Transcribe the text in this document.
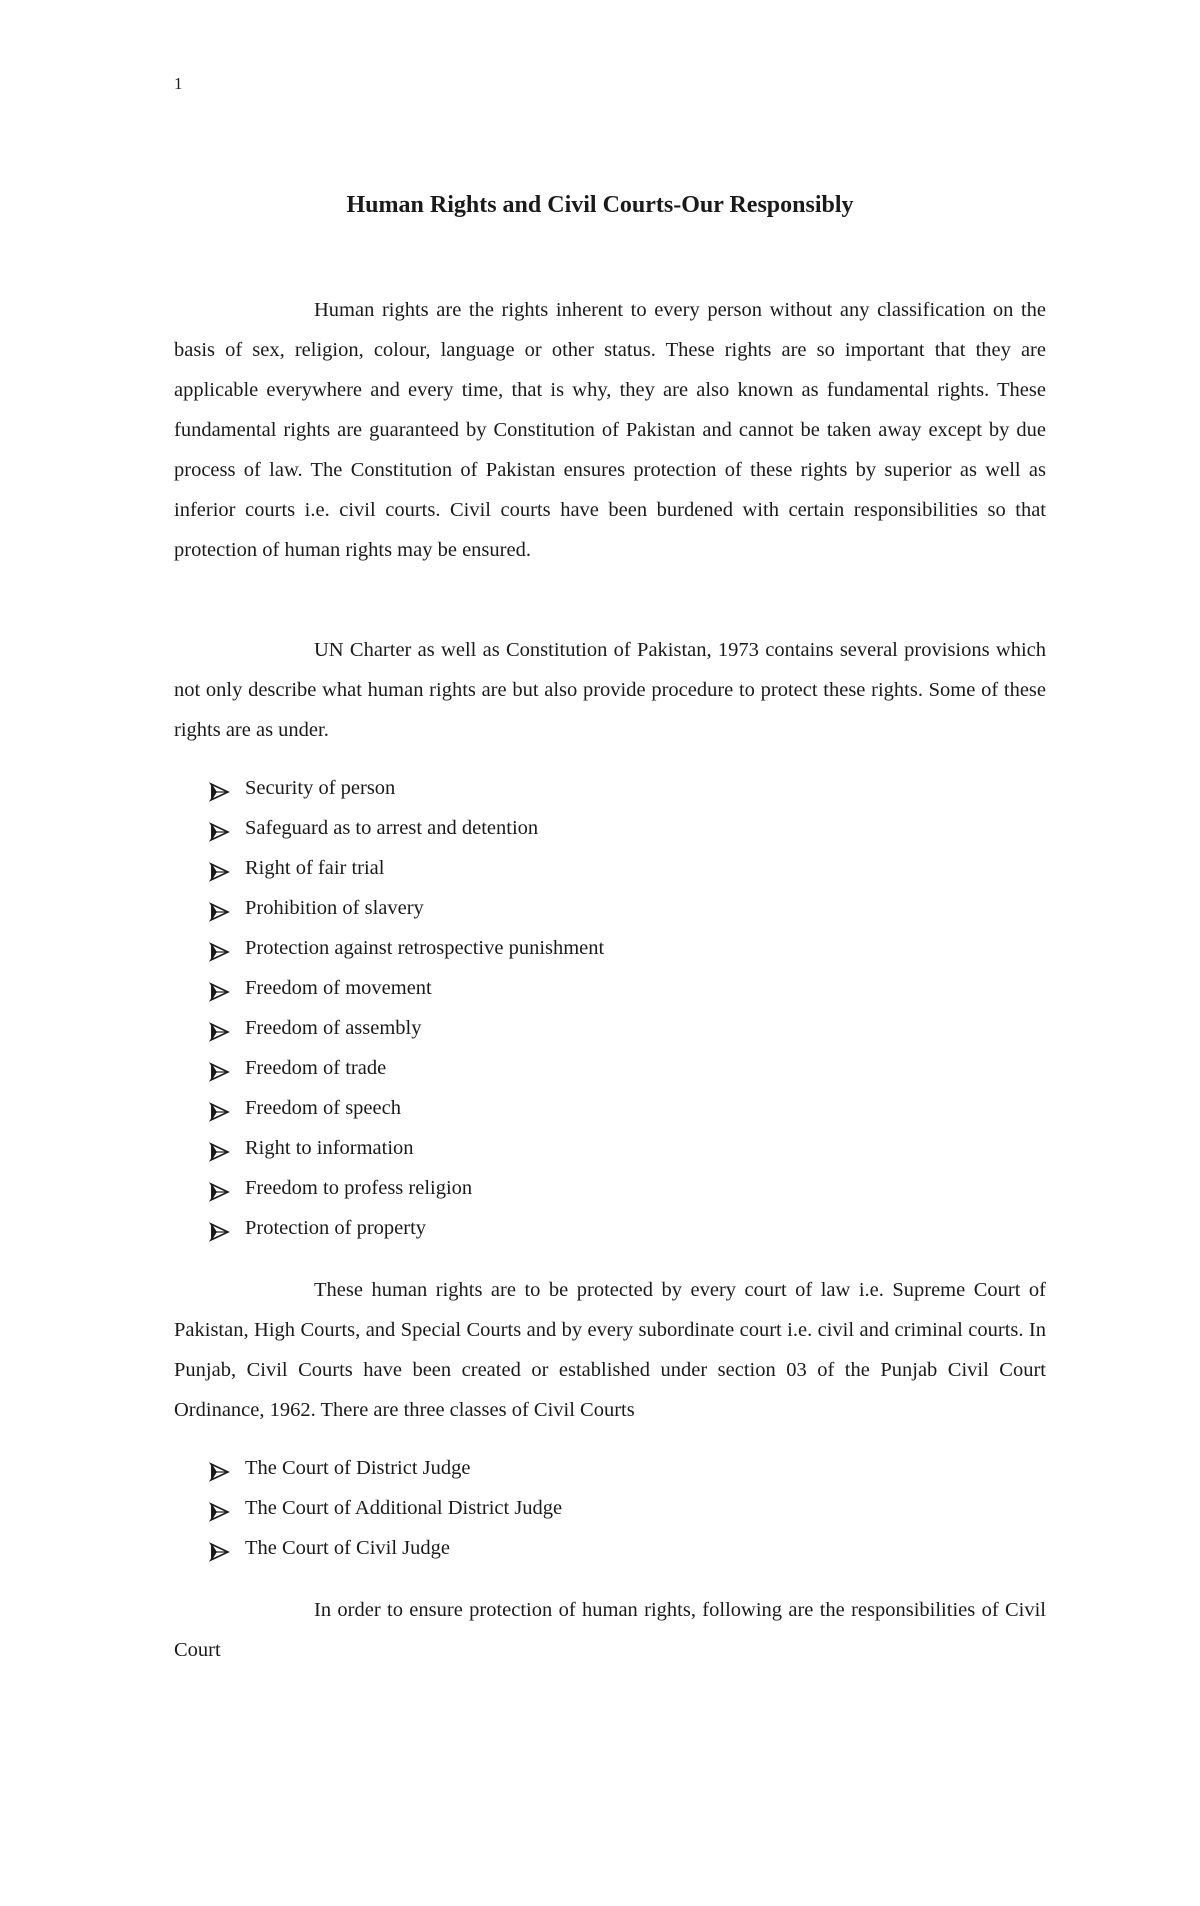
1
Human Rights and Civil Courts-Our Responsibly

Human rights are the rights inherent to every person without any classification on the basis of sex, religion, colour, language or other status. These rights are so important that they are applicable everywhere and every time, that is why, they are also known as fundamental rights. These fundamental rights are guaranteed by Constitution of Pakistan and cannot be taken away except by due process of law. The Constitution of Pakistan ensures protection of these rights by superior as well as inferior courts i.e. civil courts. Civil courts have been burdened with certain responsibilities so that protection of human rights may be ensured.

UN Charter as well as Constitution of Pakistan, 1973 contains several provisions which not only describe what human rights are but also provide procedure to protect these rights. Some of these rights are as under.

Security of person
Safeguard as to arrest and detention
Right of fair trial
Prohibition of slavery
Protection against retrospective punishment
Freedom of movement
Freedom of assembly
Freedom of trade
Freedom of speech
Right to information
Freedom to profess religion
Protection of property

These human rights are to be protected by every court of law i.e. Supreme Court of Pakistan, High Courts, and Special Courts and by every subordinate court i.e. civil and criminal courts. In Punjab, Civil Courts have been created or established under section 03 of the Punjab Civil Court Ordinance, 1962. There are three classes of Civil Courts

The Court of District Judge
The Court of Additional District Judge
The Court of Civil Judge

In order to ensure protection of human rights, following are the responsibilities of Civil Court
